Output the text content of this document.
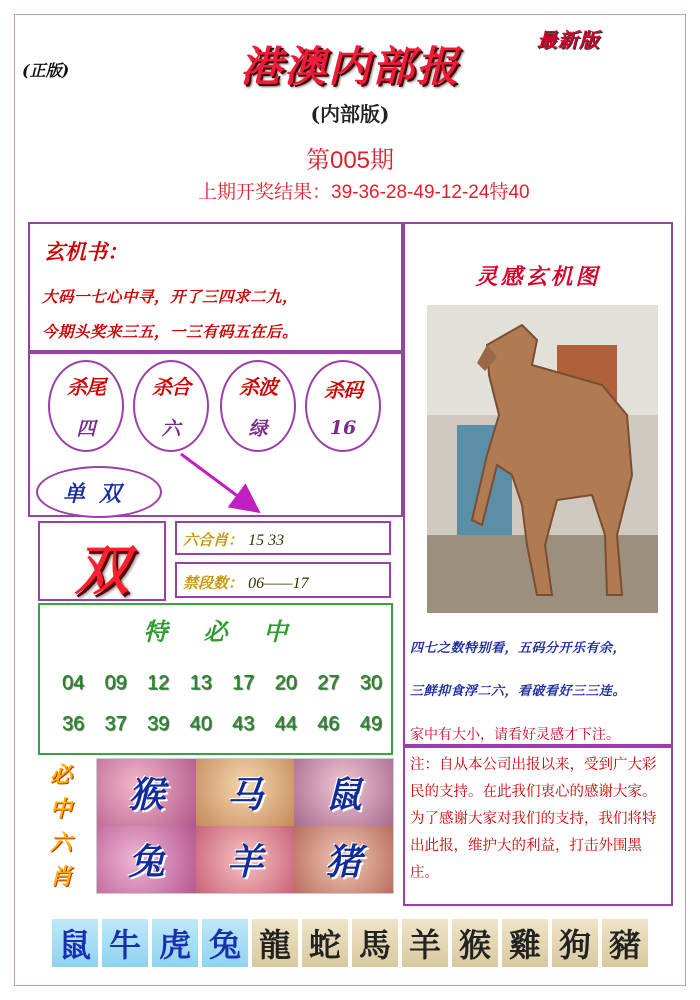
(正版)
最新版
港澳内部报
(内部版)
第005期
上期开奖结果：39-36-28-49-12-24特40
玄机书：
大码一七心中寻，开了三四求二九，
今期头奖来三五，一三有码五在后。
杀尾
四
杀合
六
杀波
绿
杀码
16
单双
双	六合肖： 15 33
禁段数： 06——17
特必中
04 09 12 13 17 20 27 30
36 37 39 40 43 44 46 49
必
中
六
肖
猴	马	鼠
兔	羊	猪
灵感玄机图
四七之数特别看，五码分开乐有余，
三鲜抑食浮二六，看破看好三三连。
家中有大小，请看好灵感才下注。
注：自从本公司出报以来，受到广大彩民的支持。在此我们衷心的感谢大家。为了感谢大家对我们的支持，我们将特出此报，维护大的利益，打击外围黑庄。
鼠 牛 虎 兔 龍 蛇 馬 羊 猴 雞 狗 豬
